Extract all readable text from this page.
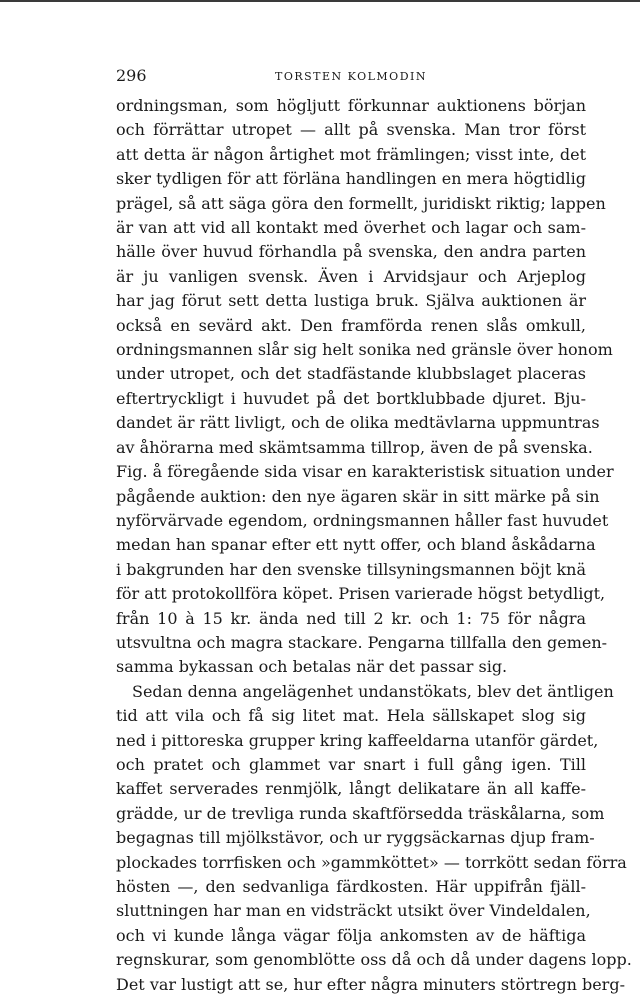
296	TORSTEN KOLMODIN

ordningsman, som högljutt förkunnar auktionens början
och förrättar utropet — allt på svenska. Man tror först
att detta är någon årtighet mot främlingen; visst inte, det
sker tydligen för att förläna handlingen en mera högtidlig
prägel, så att säga göra den formellt, juridiskt riktig; lappen
är van att vid all kontakt med överhet och lagar och sam-
hälle över huvud förhandla på svenska, den andra parten
är ju vanligen svensk. Även i Arvidsjaur och Arjeplog
har jag förut sett detta lustiga bruk. Själva auktionen är
också en sevärd akt. Den framförda renen slås omkull,
ordningsmannen slår sig helt sonika ned gränsle över honom
under utropet, och det stadfästande klubbslaget placeras
eftertryckligt i huvudet på det bortklubbade djuret. Bju-
dandet är rätt livligt, och de olika medtävlarna uppmuntras
av åhörarna med skämtsamma tillrop, även de på svenska.
Fig. å föregående sida visar en karakteristisk situation under
pågående auktion: den nye ägaren skär in sitt märke på sin
nyförvärvade egendom, ordningsmannen håller fast huvudet
medan han spanar efter ett nytt offer, och bland åskådarna
i bakgrunden har den svenske tillsyningsmannen böjt knä
för att protokollföra köpet. Prisen varierade högst betydligt,
från 10 à 15 kr. ända ned till 2 kr. och 1: 75 för några
utsvultna och magra stackare. Pengarna tillfalla den gemen-
samma bykassan och betalas när det passar sig.

Sedan denna angelägenhet undanstökats, blev det äntligen
tid att vila och få sig litet mat. Hela sällskapet slog sig
ned i pittoreska grupper kring kaffeeldarna utanför gärdet,
och pratet och glammet var snart i full gång igen. Till
kaffet serverades renmjölk, långt delikatare än all kaffe-
grädde, ur de trevliga runda skaftförsedda träskålarna, som
begagnas till mjölkstävor, och ur ryggsäckarnas djup fram-
plockades torrfisken och »gammköttet» — torrkött sedan förra
hösten —, den sedvanliga färdkosten. Här uppifrån fjäll-
sluttningen har man en vidsträckt utsikt över Vindeldalen,
och vi kunde långa vägar följa ankomsten av de häftiga
regnskurar, som genomblötte oss då och då under dagens lopp.
Det var lustigt att se, hur efter några minuters störtregn berg-
